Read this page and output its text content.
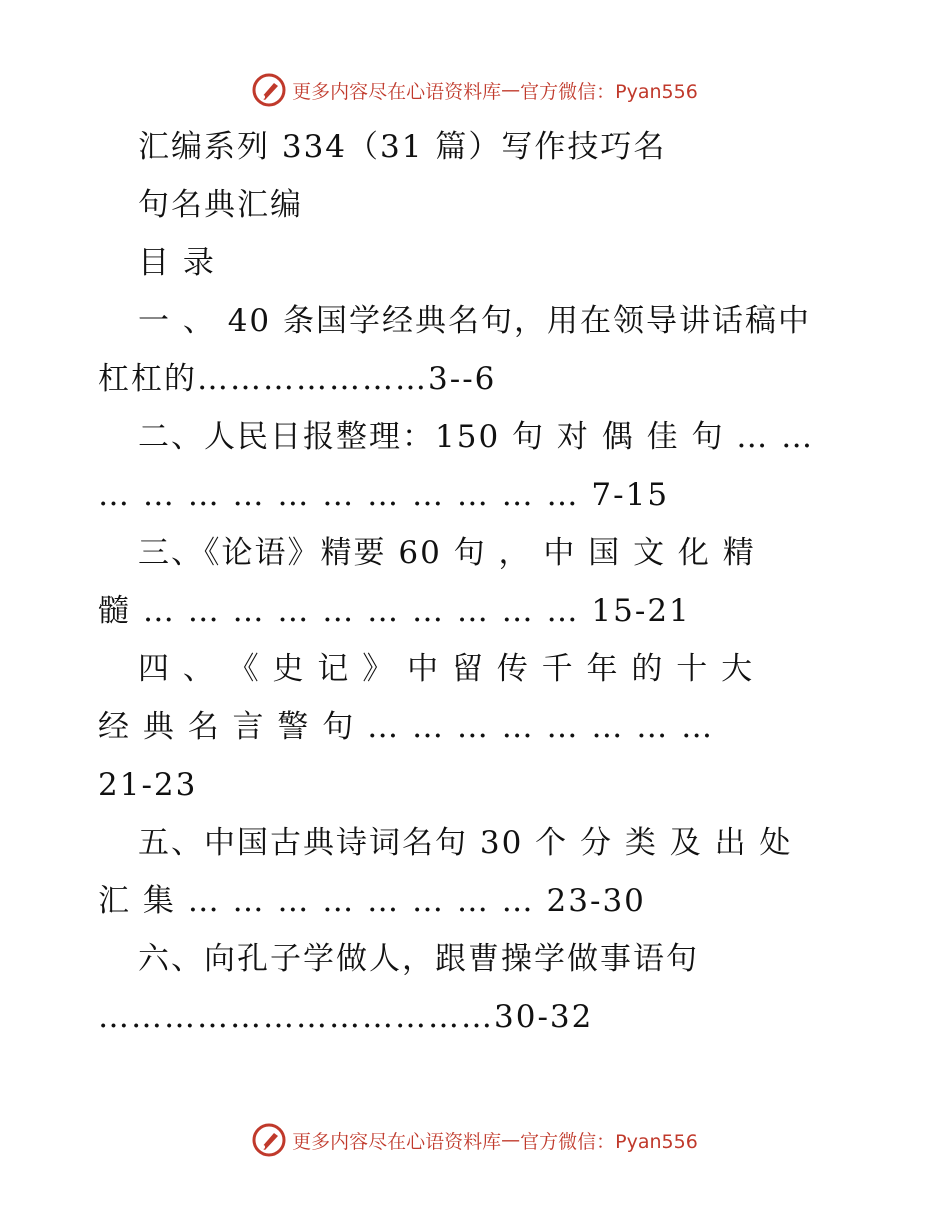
更多内容尽在心语资料库 — 官方微信：Pyan556
汇编系列 334（31 篇）写作技巧名
句名典汇编
目 录
一 、 40 条国学经典名句，用在领导讲话稿中
杠杠的…………………3--6
二、人民日报整理：150 句 对 偶 佳 句 … …
… … … … … … … … … … … 7-15
三、《论语》精要 60 句 ， 中 国 文 化 精
髓 … … … … … … … … … … 15-21
四 、 《 史 记 》 中 留 传 千 年 的 十 大
经 典 名 言 警 句 … … … … … … … …
21-23
五、中国古典诗词名句 30 个 分 类 及 出 处
汇 集 … … … … … … … … 23-30
六、向孔子学做人，跟曹操学做事语句
………………………………30-32
更多内容尽在心语资料库 — 官方微信：Pyan556
